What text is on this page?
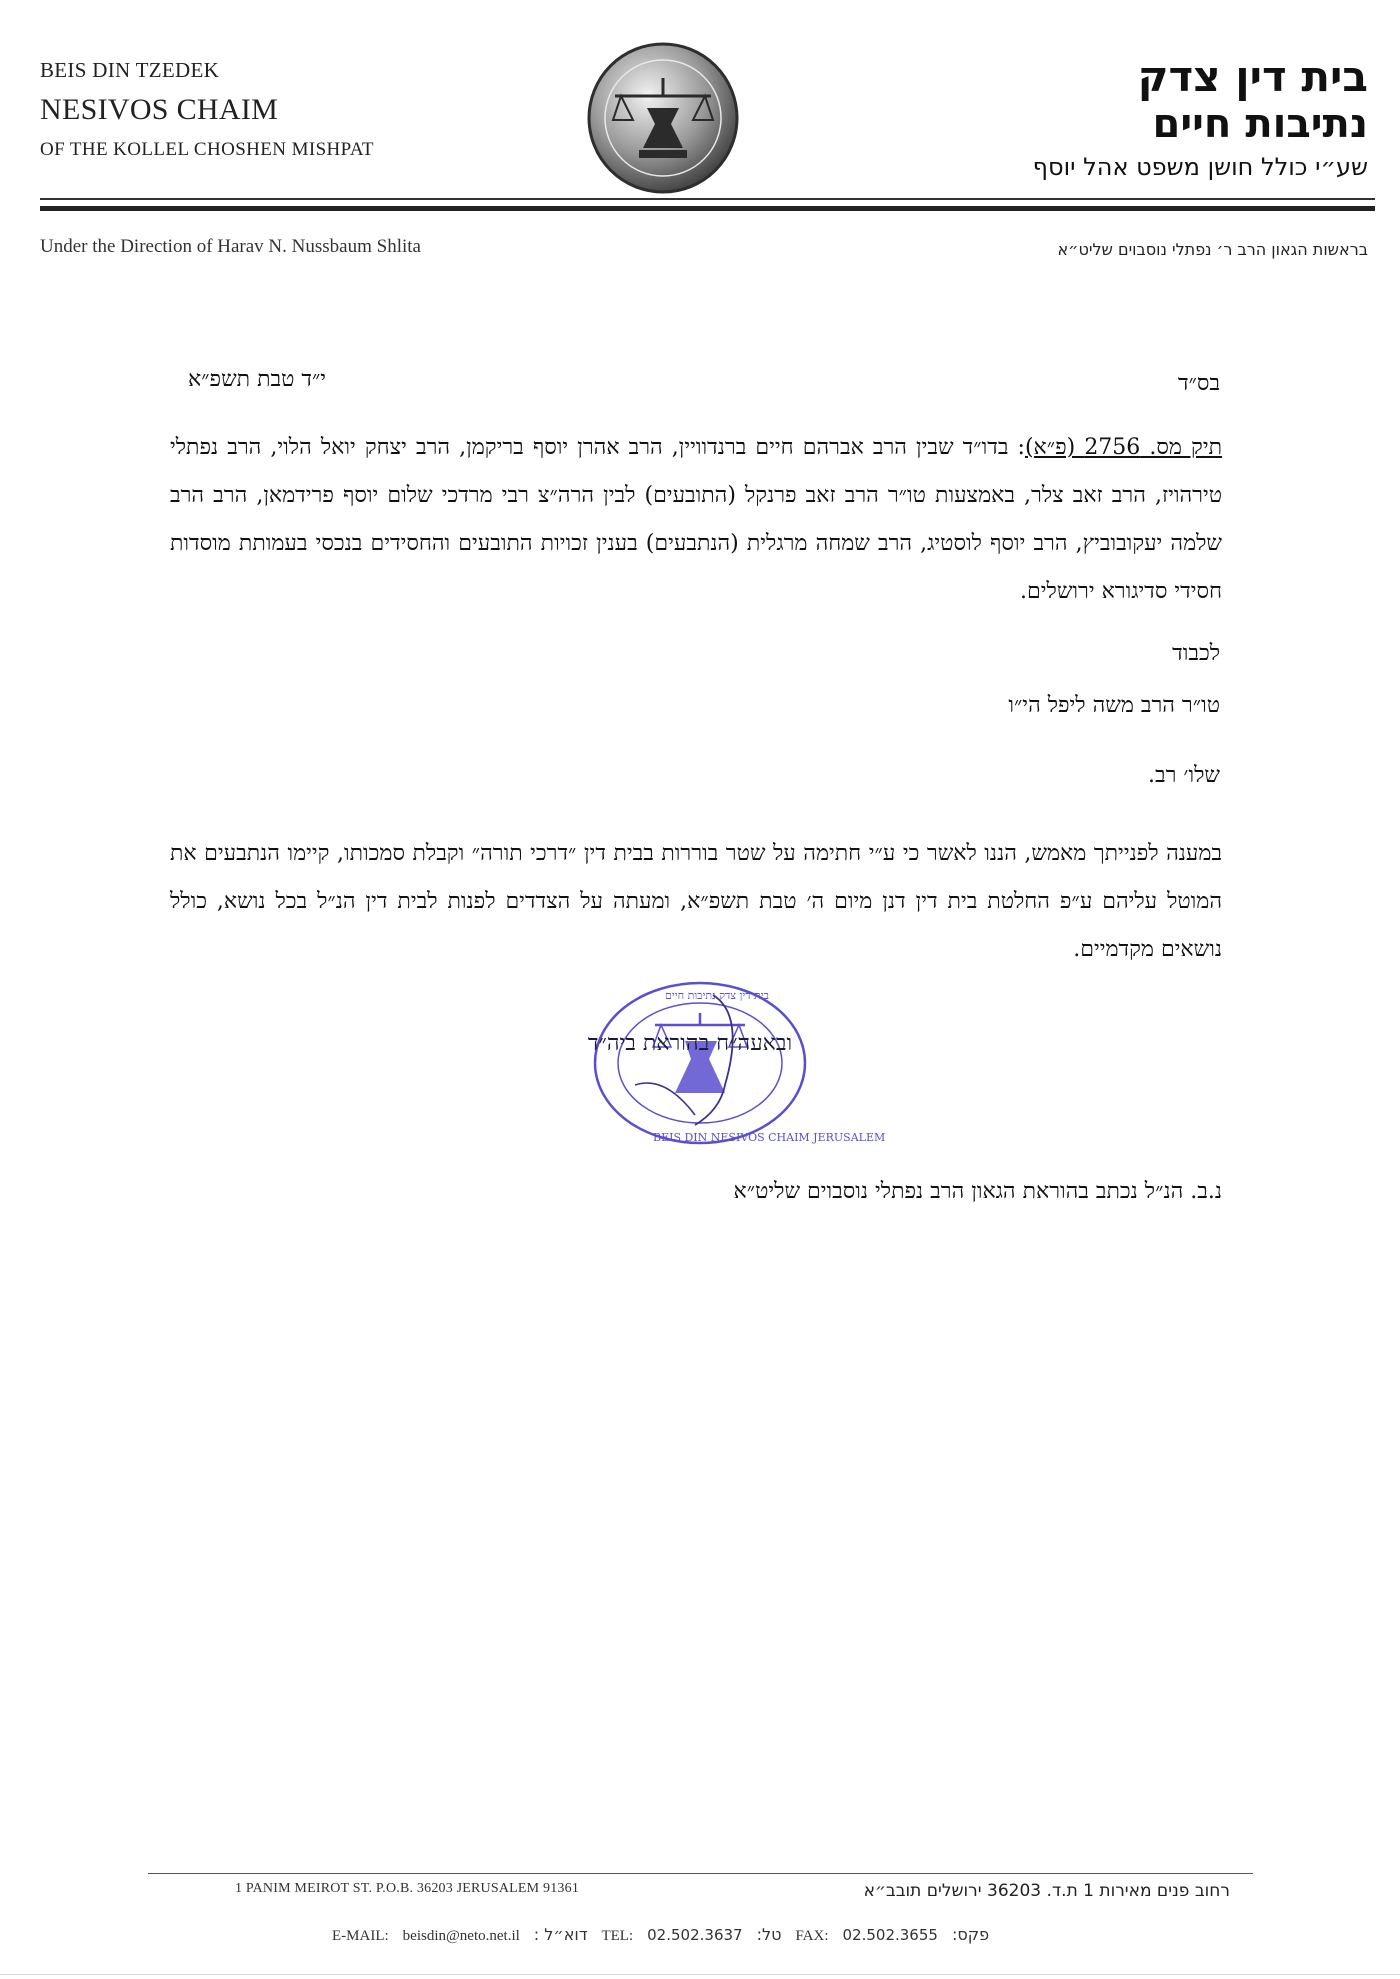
BEIS DIN TZEDEK
NESIVOS CHAIM
OF THE KOLLEL CHOSHEN MISHPAT
בית דין צדק
נתיבות חיים
שע״י כולל חושן משפט אהל יוסף
Under the Direction of Harav N. Nussbaum Shlita	בראשות הגאון הרב ר׳ נפתלי נוסבוים שליט״א
בס״ד
י״ד טבת תשפ״א
תיק מס. 2756 (פ״א): בדו״ד שבין הרב אברהם חיים ברנדוויין, הרב אהרן יוסף בריקמן, הרב יצחק יואל הלוי, הרב נפתלי טירהויז, הרב זאב צלר, באמצעות טו״ר הרב זאב פרנקל (התובעים) לבין הרה״צ רבי מרדכי שלום יוסף פרידמאן, הרב הרב שלמה יעקובוביץ, הרב יוסף לוסטיג, הרב שמחה מרגלית (הנתבעים) בענין זכויות התובעים והחסידים בנכסי בעמותת מוסדות חסידי סדיגורא ירושלים.
לכבוד
טו״ר הרב משה ליפל הי״ו
שלו׳ רב.
במענה לפנייתך מאמש, הננו לאשר כי ע״י חתימה על שטר בוררות בבית דין ״דרכי תורה״ וקבלת סמכותו, קיימו הנתבעים את המוטל עליהם ע״פ החלטת בית דין דנן מיום ה׳ טבת תשפ״א, ומעתה על הצדדים לפנות לבית דין הנ״ל בכל נושא, כולל נושאים מקדמיים.
בית דין צדק נתיבות חיים
BEIS DIN NESIVOS CHAIM JERUSALEM
ובאעה״ח בהוראת ביה״ד
נ.ב. הנ״ל נכתב בהוראת הגאון הרב נפתלי נוסבוים שליט״א
1 PANIM MEIROT ST. P.O.B. 36203 JERUSALEM 91361	רחוב פנים מאירות 1 ת.ד. 36203 ירושלים תובב״א
E-MAIL: beisdin@neto.net.il : דוא״ל TEL: 02.502.3637 :טל FAX: 02.502.3655 :פקס
